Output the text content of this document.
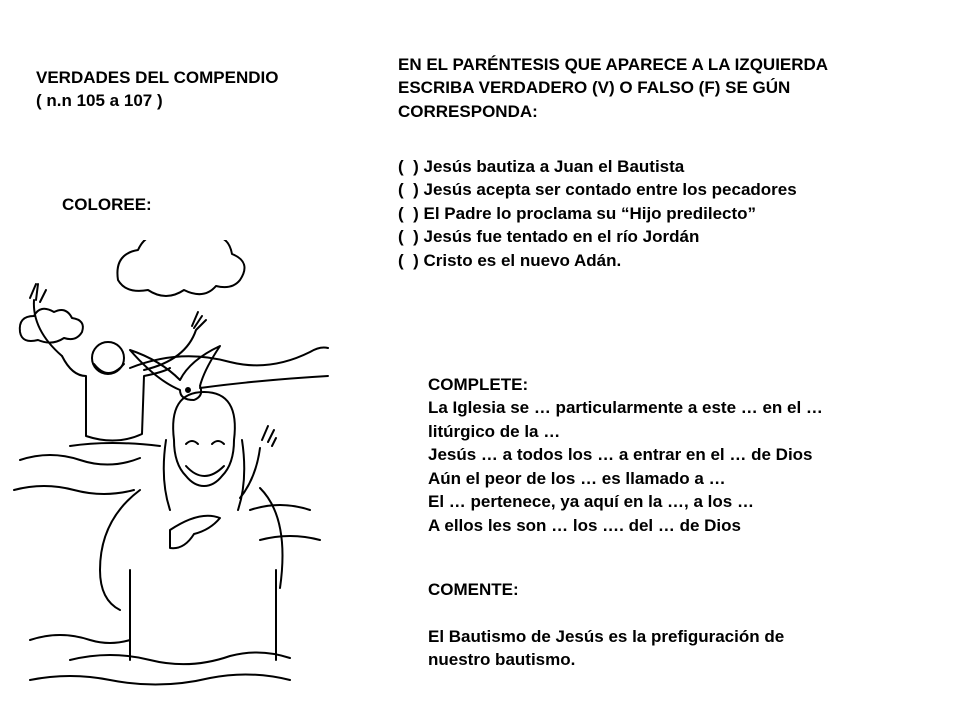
VERDADES DEL COMPENDIO
( n.n 105 a 107 )
EN EL PARÉNTESIS QUE APARECE A LA IZQUIERDA
ESCRIBA VERDADERO (V) O FALSO (F) SE GÚN
CORRESPONDA:
(  ) Jesús bautiza a Juan el Bautista
(  ) Jesús acepta ser contado entre los pecadores
(  ) El Padre lo proclama su “Hijo predilecto”
(  ) Jesús fue tentado en el río Jordán
(  ) Cristo es el nuevo Adán.
COLOREE:
COMPLETE:
La Iglesia se … particularmente a este … en el …
litúrgico de la …
Jesús … a todos los … a entrar en el … de Dios
Aún el peor de los … es llamado a …
El … pertenece, ya aquí en la …, a los …
A ellos les son … los …. del … de Dios
COMENTE:

El Bautismo de Jesús es la prefiguración de
nuestro bautismo.
